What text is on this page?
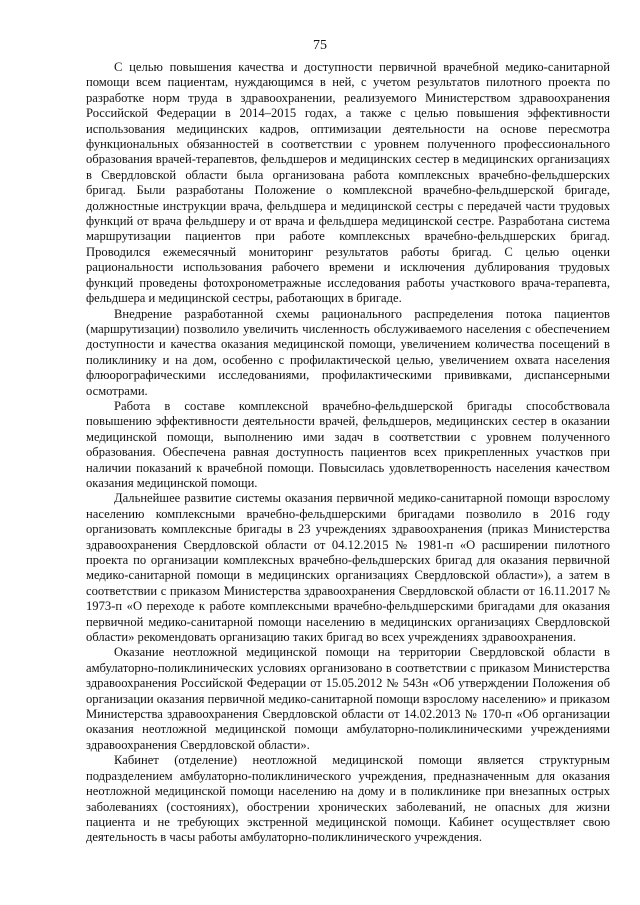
75

С целью повышения качества и доступности первичной врачебной медико-санитарной помощи всем пациентам, нуждающимся в ней, с учетом результатов пилотного проекта по разработке норм труда в здравоохранении, реализуемого Министерством здравоохранения Российской Федерации в 2014–2015 годах, а также с целью повышения эффективности использования медицинских кадров, оптимизации деятельности на основе пересмотра функциональных обязанностей в соответствии с уровнем полученного профессионального образования врачей-терапевтов, фельдшеров и медицинских сестер в медицинских организациях в Свердловской области была организована работа комплексных врачебно-фельдшерских бригад. Были разработаны Положение о комплексной врачебно-фельдшерской бригаде, должностные инструкции врача, фельдшера и медицинской сестры с передачей части трудовых функций от врача фельдшеру и от врача и фельдшера медицинской сестре. Разработана система маршрутизации пациентов при работе комплексных врачебно-фельдшерских бригад. Проводился ежемесячный мониторинг результатов работы бригад. С целью оценки рациональности использования рабочего времени и исключения дублирования трудовых функций проведены фотохронометражные исследования работы участкового врача-терапевта, фельдшера и медицинской сестры, работающих в бригаде.

Внедрение разработанной схемы рационального распределения потока пациентов (маршрутизации) позволило увеличить численность обслуживаемого населения с обеспечением доступности и качества оказания медицинской помощи, увеличением количества посещений в поликлинику и на дом, особенно с профилактической целью, увеличением охвата населения флюорографическими исследованиями, профилактическими прививками, диспансерными осмотрами.

Работа в составе комплексной врачебно-фельдшерской бригады способствовала повышению эффективности деятельности врачей, фельдшеров, медицинских сестер в оказании медицинской помощи, выполнению ими задач в соответствии с уровнем полученного образования. Обеспечена равная доступность пациентов всех прикрепленных участков при наличии показаний к врачебной помощи. Повысилась удовлетворенность населения качеством оказания медицинской помощи.

Дальнейшее развитие системы оказания первичной медико-санитарной помощи взрослому населению комплексными врачебно-фельдшерскими бригадами позволило в 2016 году организовать комплексные бригады в 23 учреждениях здравоохранения (приказ Министерства здравоохранения Свердловской области от 04.12.2015 № 1981-п «О расширении пилотного проекта по организации комплексных врачебно-фельдшерских бригад для оказания первичной медико-санитарной помощи в медицинских организациях Свердловской области»), а затем в соответствии с приказом Министерства здравоохранения Свердловской области от 16.11.2017 № 1973-п «О переходе к работе комплексными врачебно-фельдшерскими бригадами для оказания первичной медико-санитарной помощи населению в медицинских организациях Свердловской области» рекомендовать организацию таких бригад во всех учреждениях здравоохранения.

Оказание неотложной медицинской помощи на территории Свердловской области в амбулаторно-поликлинических условиях организовано в соответствии с приказом Министерства здравоохранения Российской Федерации от 15.05.2012 № 543н «Об утверждении Положения об организации оказания первичной медико-санитарной помощи взрослому населению» и приказом Министерства здравоохранения Свердловской области от 14.02.2013 № 170-п «Об организации оказания неотложной медицинской помощи амбулаторно-поликлиническими учреждениями здравоохранения Свердловской области».

Кабинет (отделение) неотложной медицинской помощи является структурным подразделением амбулаторно-поликлинического учреждения, предназначенным для оказания неотложной медицинской помощи населению на дому и в поликлинике при внезапных острых заболеваниях (состояниях), обострении хронических заболеваний, не опасных для жизни пациента и не требующих экстренной медицинской помощи. Кабинет осуществляет свою деятельность в часы работы амбулаторно-поликлинического учреждения.
